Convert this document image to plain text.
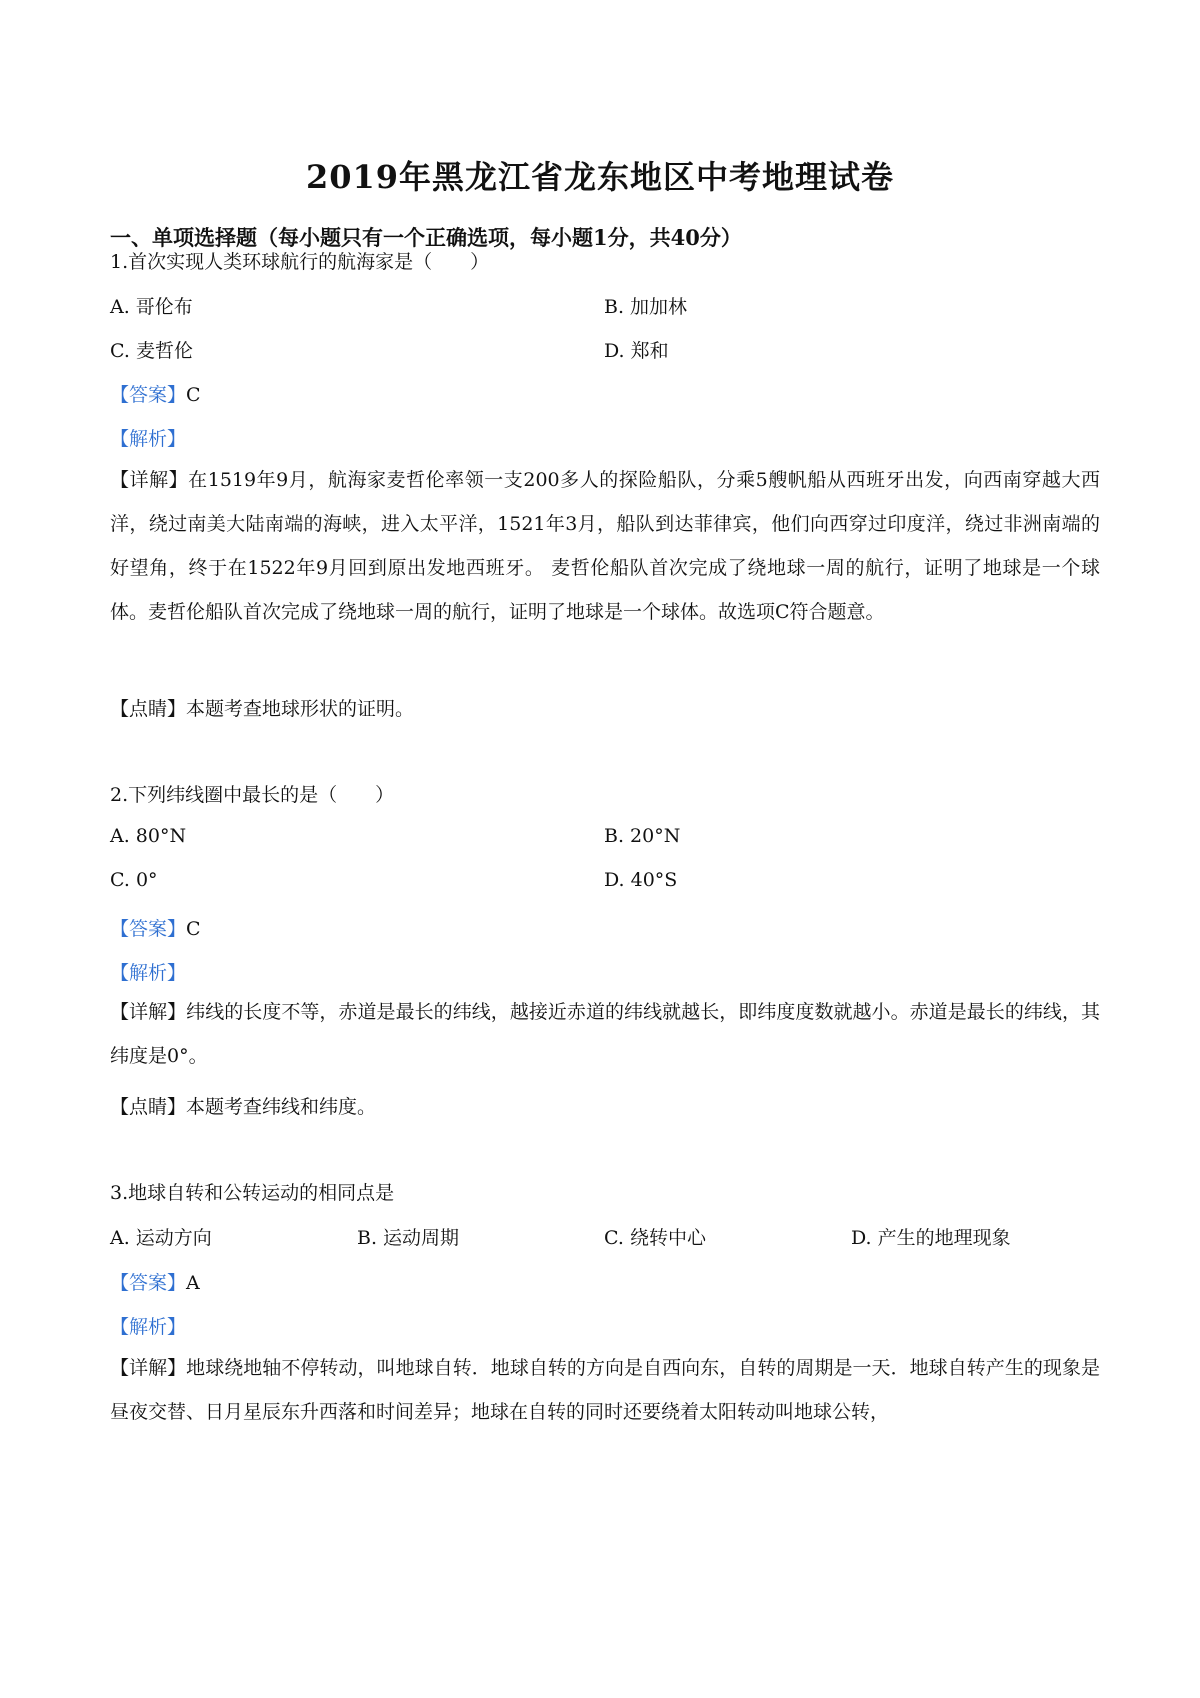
2019年黑龙江省龙东地区中考地理试卷
一、单项选择题（每小题只有一个正确选项，每小题1分，共40分）
1.首次实现人类环球航行的航海家是（　　）
A. 哥伦布	B. 加加林
C. 麦哲伦	D. 郑和
【答案】C
【解析】
【详解】在1519年9月，航海家麦哲伦率领一支200多人的探险船队，分乘5艘帆船从西班牙出发，向西南穿越大西洋，绕过南美大陆南端的海峡，进入太平洋，1521年3月，船队到达菲律宾，他们向西穿过印度洋，绕过非洲南端的好望角，终于在1522年9月回到原出发地西班牙。 麦哲伦船队首次完成了绕地球一周的航行，证明了地球是一个球体。麦哲伦船队首次完成了绕地球一周的航行，证明了地球是一个球体。故选项C符合题意。
【点睛】本题考查地球形状的证明。
2.下列纬线圈中最长的是（　　）
A. 80°N	B. 20°N
C. 0°	D. 40°S
【答案】C
【解析】
【详解】纬线的长度不等，赤道是最长的纬线，越接近赤道的纬线就越长，即纬度度数就越小。赤道是最长的纬线，其纬度是0°。
【点睛】本题考查纬线和纬度。
3.地球自转和公转运动的相同点是
A. 运动方向	B. 运动周期	C. 绕转中心	D. 产生的地理现象
【答案】A
【解析】
【详解】地球绕地轴不停转动，叫地球自转．地球自转的方向是自西向东，自转的周期是一天．地球自转产生的现象是昼夜交替、日月星辰东升西落和时间差异；地球在自转的同时还要绕着太阳转动叫地球公转，
